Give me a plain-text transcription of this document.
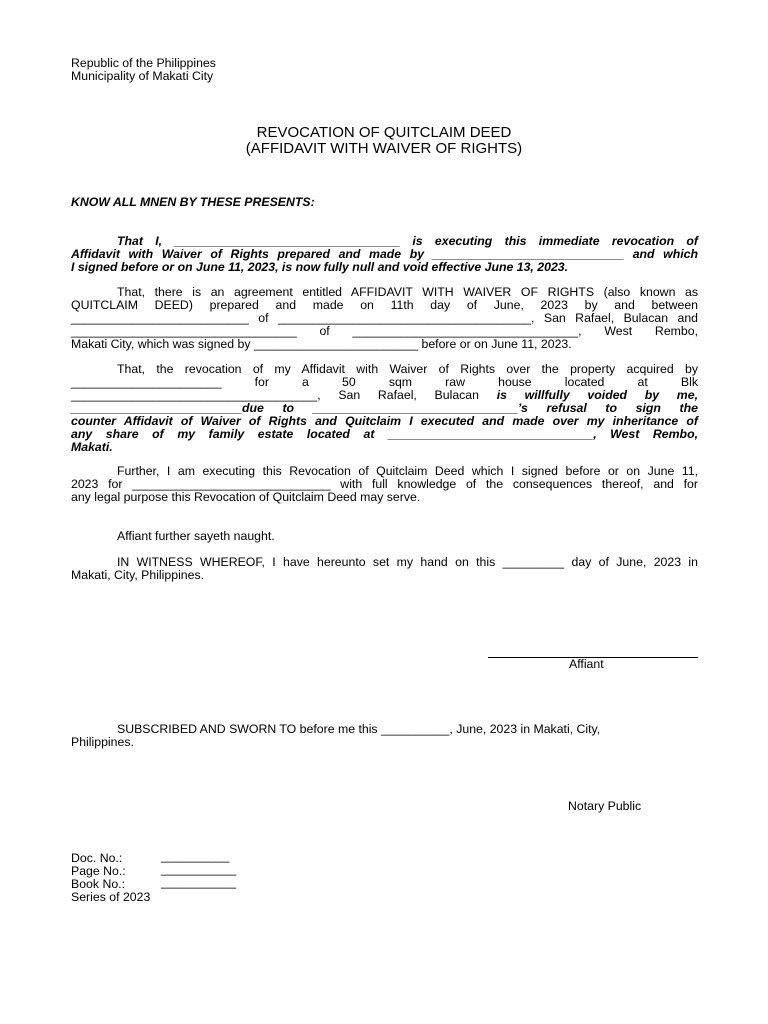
Republic of the Philippines
Municipality of Makati City
REVOCATION OF QUITCLAIM DEED
(AFFIDAVIT WITH WAIVER OF RIGHTS)
KNOW ALL MNEN BY THESE PRESENTS:
That I, _________________________________ is executing this immediate revocation of
Affidavit with Waiver of Rights prepared and made by ____________________________ and which
I signed before or on June 11, 2023, is now fully null and void effective June 13, 2023.
That, there is an agreement entitled AFFIDAVIT WITH WAIVER OF RIGHTS (also known as
QUITCLAIM DEED) prepared and made on 11th day of June, 2023 by and between
__________________________ of _____________________________________, San Rafael, Bulacan and
_________________________________ of _________________________________, West Rembo,
Makati City, which was signed by ________________________ before or on June 11, 2023.
That, the revocation of my Affidavit with Waiver of Rights over the property acquired by
______________________ for a 50 sqm raw house located at Blk
____________________________________, San Rafael, Bulacan is willfully voided by me,
_________________________due to ______________________________’s refusal to sign the
counter Affidavit of Waiver of Rights and Quitclaim I executed and made over my inheritance of
any share of my family estate located at ______________________________, West Rembo,
Makati.
Further, I am executing this Revocation of Quitclaim Deed which I signed before or on June 11,
2023 for _____________________________ with full knowledge of the consequences thereof, and for
any legal purpose this Revocation of Quitclaim Deed may serve.
Affiant further sayeth naught.
IN WITNESS WHEREOF, I have hereunto set my hand on this _________ day of June, 2023 in
Makati, City, Philippines.
Affiant
SUBSCRIBED AND SWORN TO before me this __________, June, 2023 in Makati, City,
Philippines.
Notary Public
Doc. No.:	__________
Page No.:	___________
Book No.:	___________
Series of 2023
